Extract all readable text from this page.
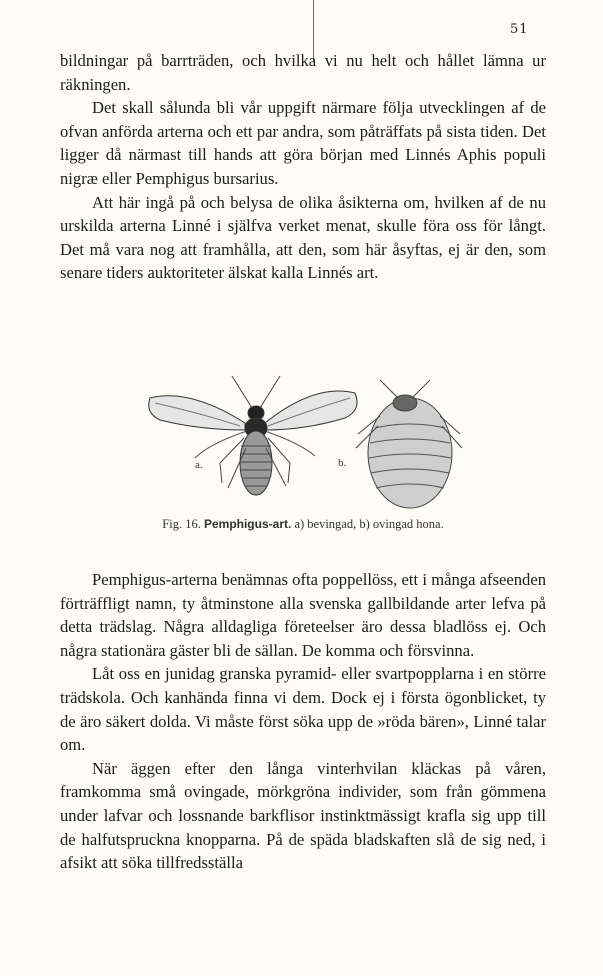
51

bildningar på barrträden, och hvilka vi nu helt och hållet lämna ur räkningen.

Det skall sålunda bli vår uppgift närmare följa utvecklingen af de ofvan anförda arterna och ett par andra, som påträffats på sista tiden. Det ligger då närmast till hands att göra början med Linnés Aphis populi nigræ eller Pemphigus bursarius.

Att här ingå på och belysa de olika åsikterna om, hvilken af de nu urskilda arterna Linné i själfva verket menat, skulle föra oss för långt. Det må vara nog att framhålla, att den, som här åsyftas, ej är den, som senare tiders auktoriteter älskat kalla Linnés art.

a.	b.
Fig. 16. Pemphigus-art. a) bevingad, b) ovingad hona.

Pemphigus-arterna benämnas ofta poppellöss, ett i många afseenden förträffligt namn, ty åtminstone alla svenska gallbildande arter lefva på detta trädslag. Några alldagliga företeelser äro dessa bladlöss ej. Och några stationära gäster bli de sällan. De komma och försvinna.

Låt oss en junidag granska pyramid- eller svartpopplarna i en större trädskola. Och kanhända finna vi dem. Dock ej i första ögonblicket, ty de äro säkert dolda. Vi måste först söka upp de »röda bären», Linné talar om.

När äggen efter den långa vinterhvilan kläckas på våren, framkomma små ovingade, mörkgröna individer, som från gömmena under lafvar och lossnande barkflisor instinktmässigt krafla sig upp till de halfutspruckna knopparna. På de späda bladskaften slå de sig ned, i afsikt att söka tillfredsställa
